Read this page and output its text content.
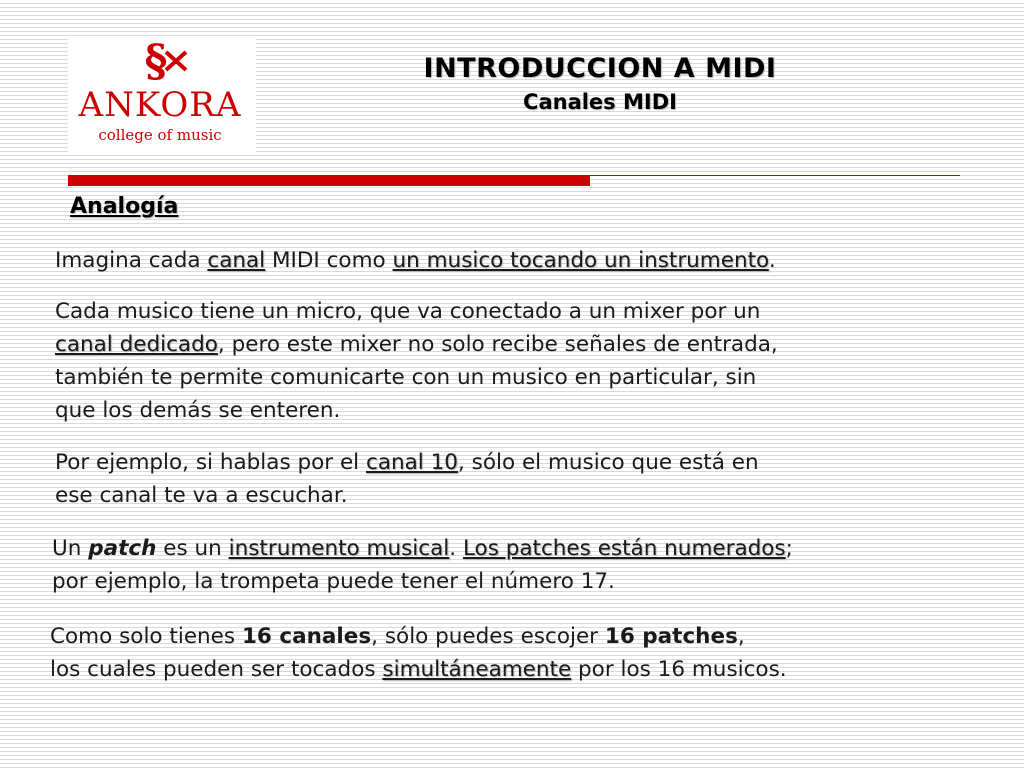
§
ANKORA
college of music
INTRODUCCION A MIDI
Canales MIDI
Analogía
Imagina cada canal MIDI como un musico tocando un instrumento.
Cada musico tiene un micro, que va conectado a un mixer por un
canal dedicado, pero este mixer no solo recibe señales de entrada,
también te permite comunicarte con un musico en particular, sin
que los demás se enteren.
Por ejemplo, si hablas por el canal 10, sólo el musico que está en
ese canal te va a escuchar.
Un patch es un instrumento musical. Los patches están numerados;
por ejemplo, la trompeta puede tener el número 17.
Como solo tienes 16 canales, sólo puedes escojer 16 patches,
los cuales pueden ser tocados simultáneamente por los 16 musicos.
